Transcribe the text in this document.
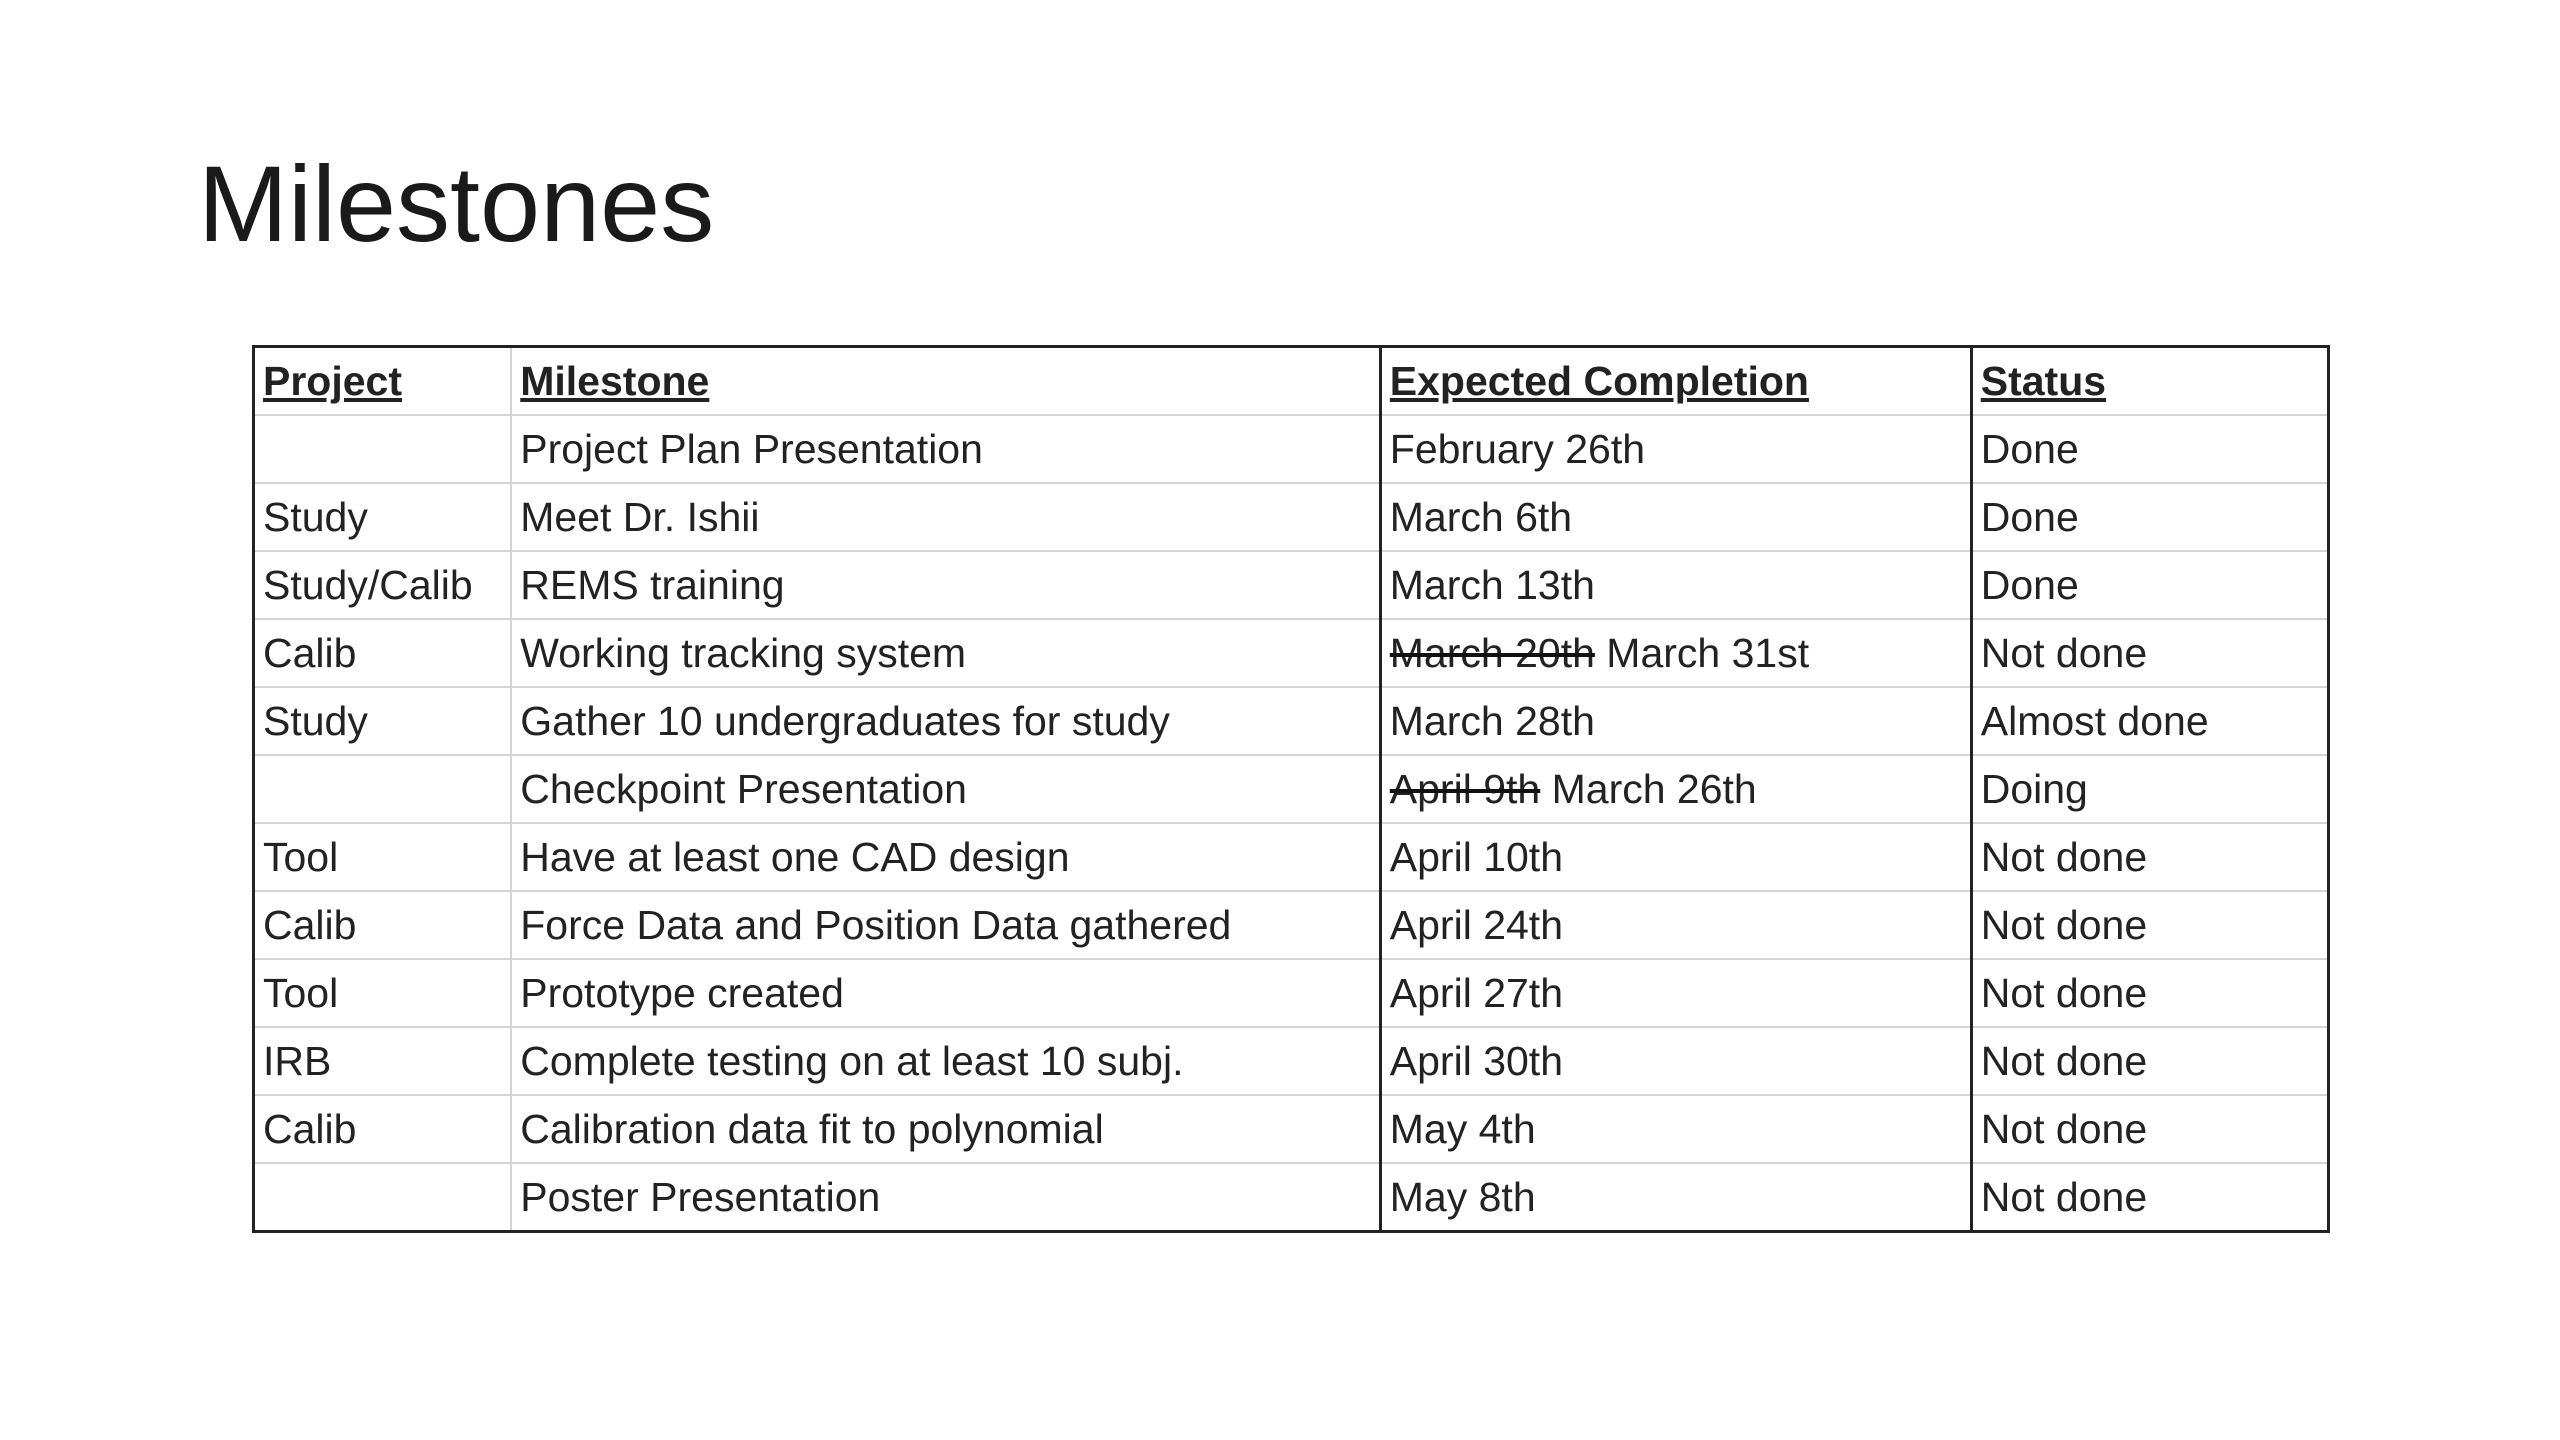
Milestones
Project	Milestone	Expected Completion	Status
	Project Plan Presentation	February 26th	Done
Study	Meet Dr. Ishii	March 6th	Done
Study/Calib	REMS training	March 13th	Done
Calib	Working tracking system	March 20th March 31st	Not done
Study	Gather 10 undergraduates for study	March 28th	Almost done
	Checkpoint Presentation	April 9th March 26th	Doing
Tool	Have at least one CAD design	April 10th	Not done
Calib	Force Data and Position Data gathered	April 24th	Not done
Tool	Prototype created	April 27th	Not done
IRB	Complete testing on at least 10 subj.	April 30th	Not done
Calib	Calibration data fit to polynomial	May 4th	Not done
	Poster Presentation	May 8th	Not done
